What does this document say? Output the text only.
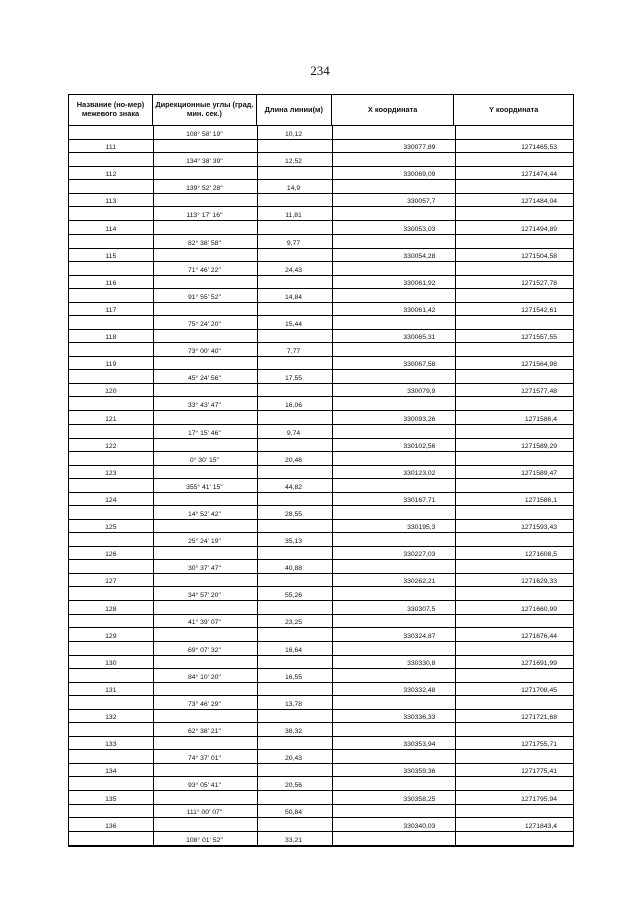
234
Название (но-мер) межевого знака
Дирекционные углы (град. мин. сек.)	Длина линии(м)	X координата	Y координата
108° 58' 19"	10,12
111	330077,89	1271465,53
134° 38' 39"	12,52
112	330069,09	1271474,44
139° 52' 28"	14,9
113	330057,7	1271484,04
113° 17' 16"	11,81
114	330053,03	1271494,89
82° 38' 58"	9,77
115	330054,28	1271504,58
71° 46' 22"	24,43
116	330061,92	1271527,78
91° 55' 52"	14,84
117	330061,42	1271542,61
75° 24' 20"	15,44
118	330065,31	1271557,55
73° 00' 40"	7,77
119	330067,58	1271564,98
45° 24' 56"	17,55
120	330079,9	1271577,48
33° 43' 47"	16,06
121	330093,26	1271586,4
17° 15' 46"	9,74
122	330102,56	1271589,29
0° 30' 15"	20,46
123	330123,02	1271589,47
355° 41' 15"	44,82
124	330167,71	1271586,1
14° 52' 42"	28,55
125	330195,3	1271593,43
25° 24' 19"	35,13
126	330227,03	1271608,5
30° 37' 47"	40,88
127	330262,21	1271629,33
34° 57' 20"	55,26
128	330307,5	1271660,99
41° 39' 07"	23,25
129	330324,87	1271676,44
69° 07' 32"	16,64
130	330330,8	1271691,99
84° 10' 20"	16,55
131	330332,48	1271708,45
73° 46' 29"	13,78
132	330336,33	1271721,68
62° 38' 21"	38,32
133	330353,94	1271755,71
74° 37' 01"	20,43
134	330359,36	1271775,41
93° 05' 41"	20,56
135	330358,25	1271795,94
111° 00' 07"	50,84
136	330340,03	1271843,4
108° 01' 52"	33,21
